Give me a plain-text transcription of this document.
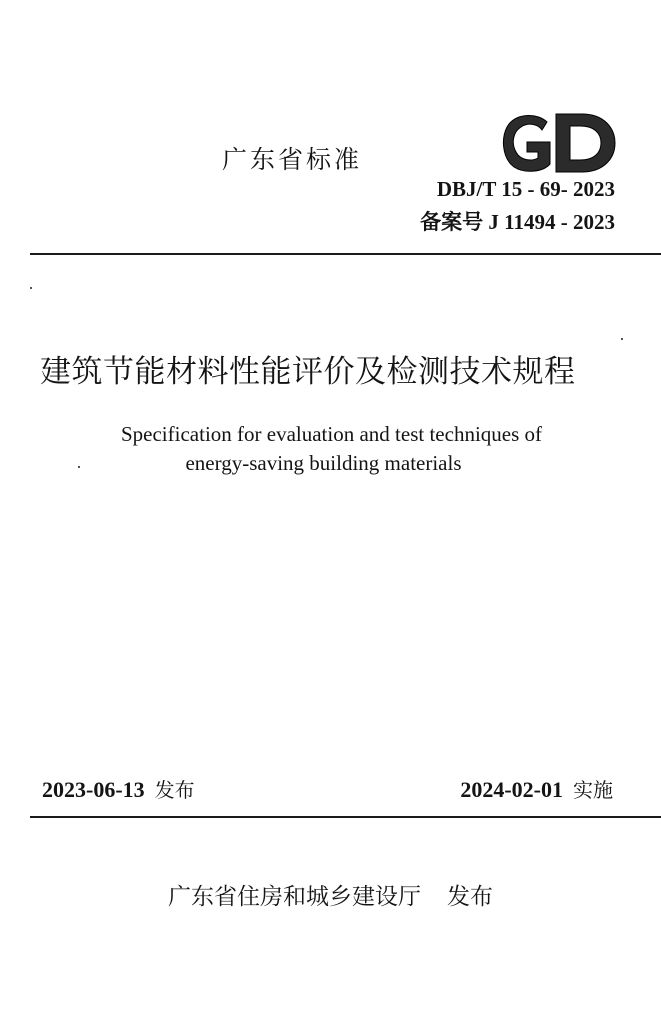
广东省标准
DBJ/T 15 - 69- 2023
备案号 J 11494 - 2023
建筑节能材料性能评价及检测技术规程
Specification for evaluation and test techniques of
energy-saving building materials
2023-06-13 发布	2024-02-01 实施
广东省住房和城乡建设厅 发布
